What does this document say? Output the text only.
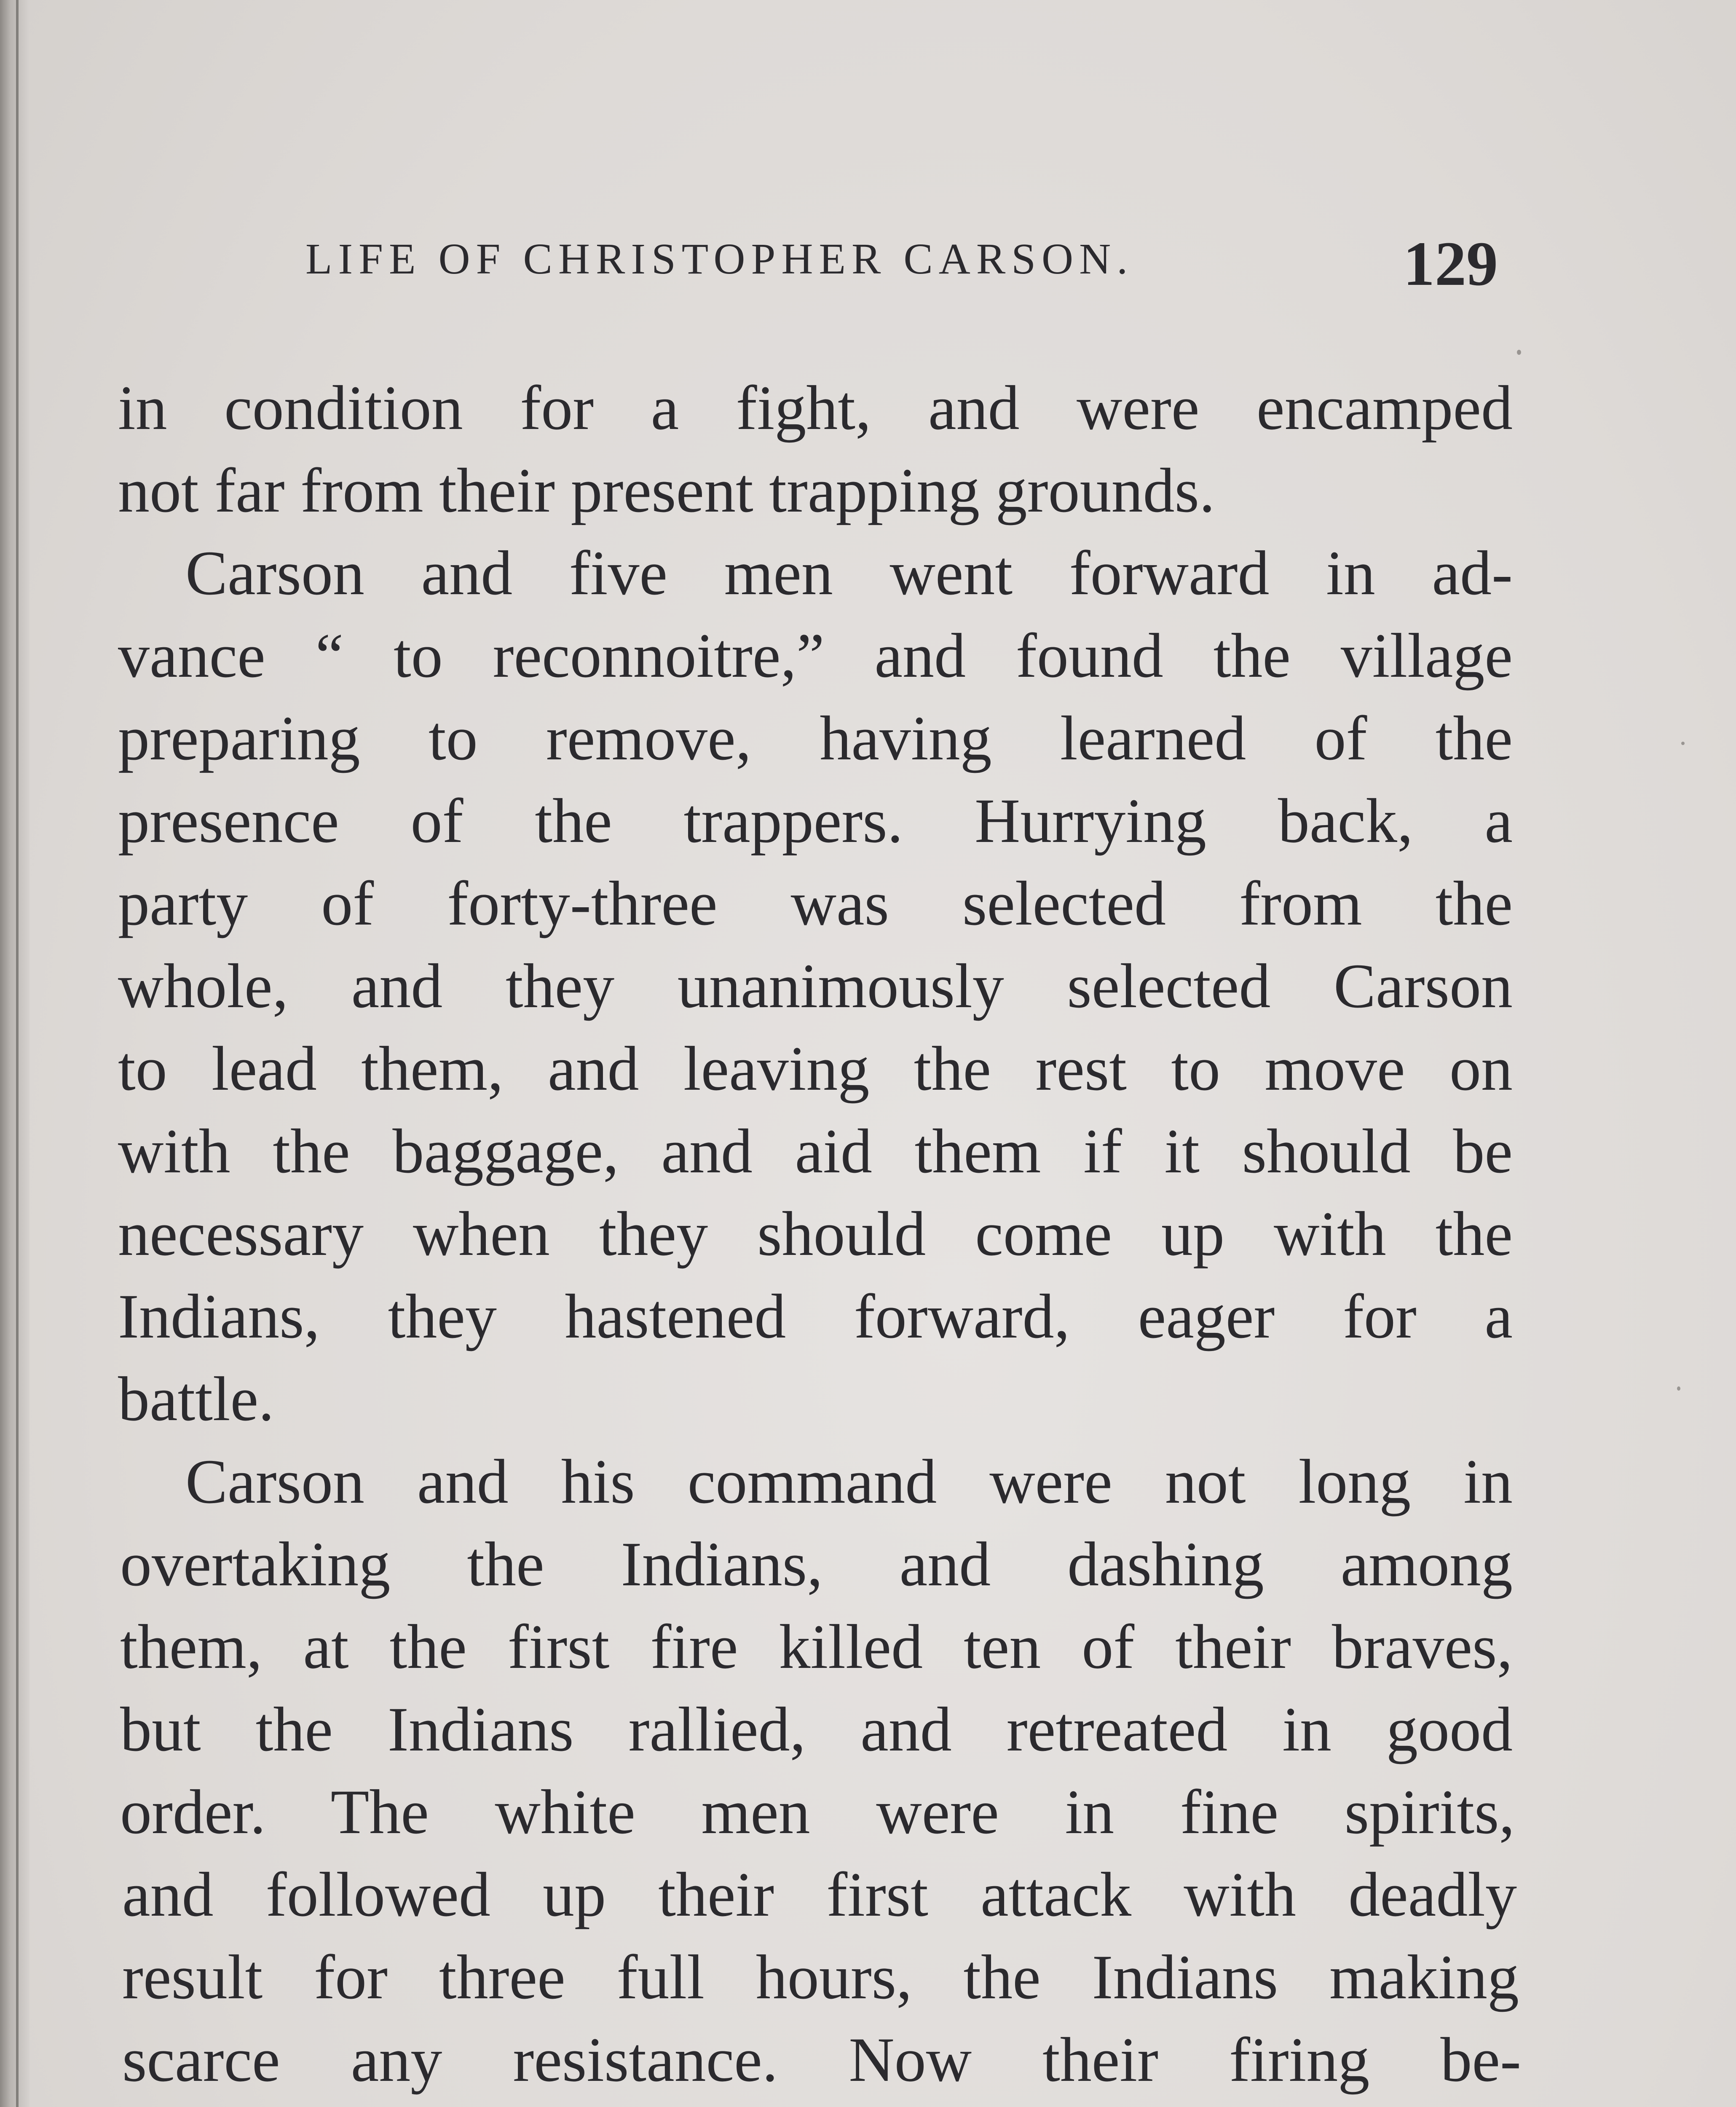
LIFE OF CHRISTOPHER CARSON.	129
in condition for a fight, and were encamped
not far from their present trapping grounds.
Carson and five men went forward in ad-
vance “ to reconnoitre,” and found the village
preparing to remove, having learned of the
presence of the trappers. Hurrying back, a
party of forty-three was selected from the
whole, and they unanimously selected Carson
to lead them, and leaving the rest to move on
with the baggage, and aid them if it should be
necessary when they should come up with the
Indians, they hastened forward, eager for a
battle.
Carson and his command were not long in
overtaking the Indians, and dashing among
them, at the first fire killed ten of their braves,
but the Indians rallied, and retreated in good
order. The white men were in fine spirits,
and followed up their first attack with deadly
result for three full hours, the Indians making
scarce any resistance. Now their firing be-
